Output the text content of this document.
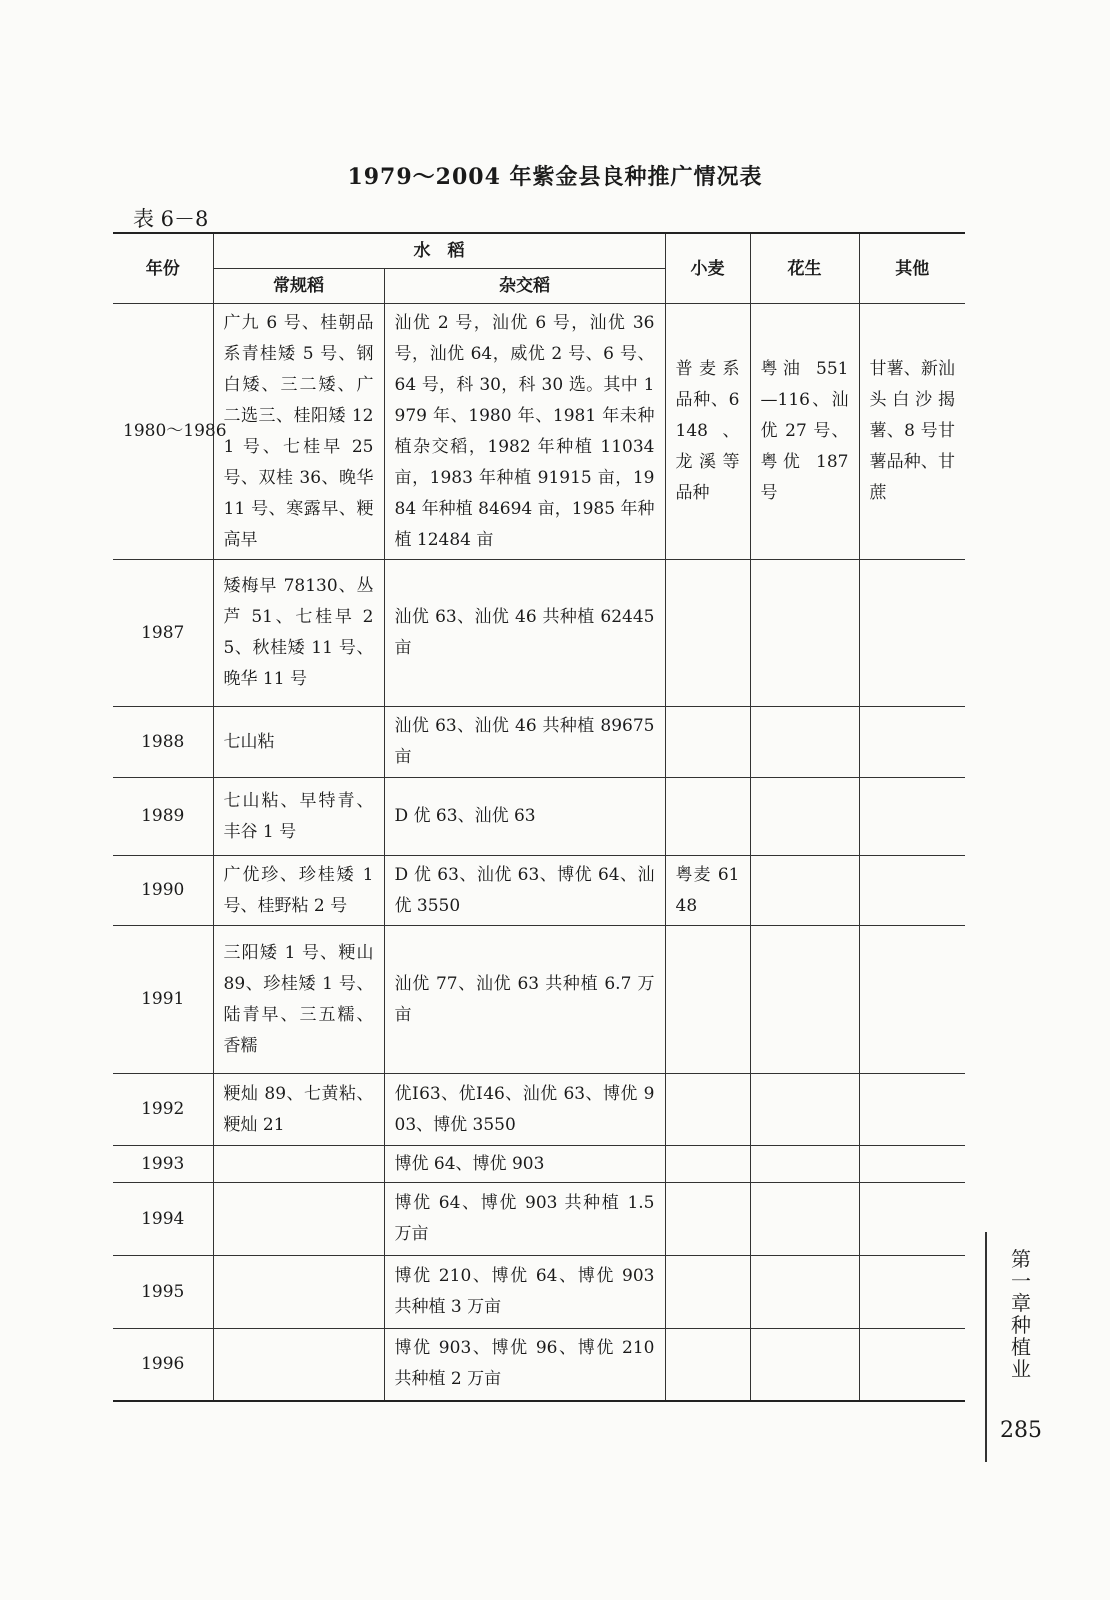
1979～2004 年紫金县良种推广情况表
表 6－8
年份	水　稻		小麦	花生	其他
	常规稻	杂交稻			
1980～1986	广九 6 号、桂朝品系青桂矮 5 号、钢白矮、三二矮、广二选三、桂阳矮 121 号、七桂早 25 号、双桂 36、晚华 11 号、寒露早、粳高早	汕优 2 号，汕优 6 号，汕优 36 号，汕优 64，威优 2 号、6 号、64 号，科 30，科 30 选。其中 1979 年、1980 年、1981 年未种植杂交稻，1982 年种植 11034 亩，1983 年种植 91915 亩，1984 年种植 84694 亩，1985 年种植 12484 亩	普麦系品种、6148、龙溪等品种	粤油 551—116、汕优 27 号、粤优 187 号	甘薯、新汕头白沙揭薯、8 号甘薯品种、甘蔗
1987	矮梅早 78130、丛芦 51、七桂早 25、秋桂矮 11 号、晚华 11 号	汕优 63、汕优 46 共种植 62445 亩			
1988	七山粘	汕优 63、汕优 46 共种植 89675 亩			
1989	七山粘、早特青、丰谷 1 号	D 优 63、汕优 63			
1990	广优珍、珍桂矮 1 号、桂野粘 2 号	D 优 63、汕优 63、博优 64、汕优 3550	粤麦 6148		
1991	三阳矮 1 号、粳山 89、珍桂矮 1 号、陆青早、三五糯、香糯	汕优 77、汕优 63 共种植 6.7 万亩			
1992	粳灿 89、七黄粘、粳灿 21	优Ⅰ63、优Ⅰ46、汕优 63、博优 903、博优 3550			
1993		博优 64、博优 903			
1994		博优 64、博优 903 共种植 1.5 万亩			
1995		博优 210、博优 64、博优 903 共种植 3 万亩			
1996		博优 903、博优 96、博优 210 共种植 2 万亩			
第
一
章
种
植
业
285
